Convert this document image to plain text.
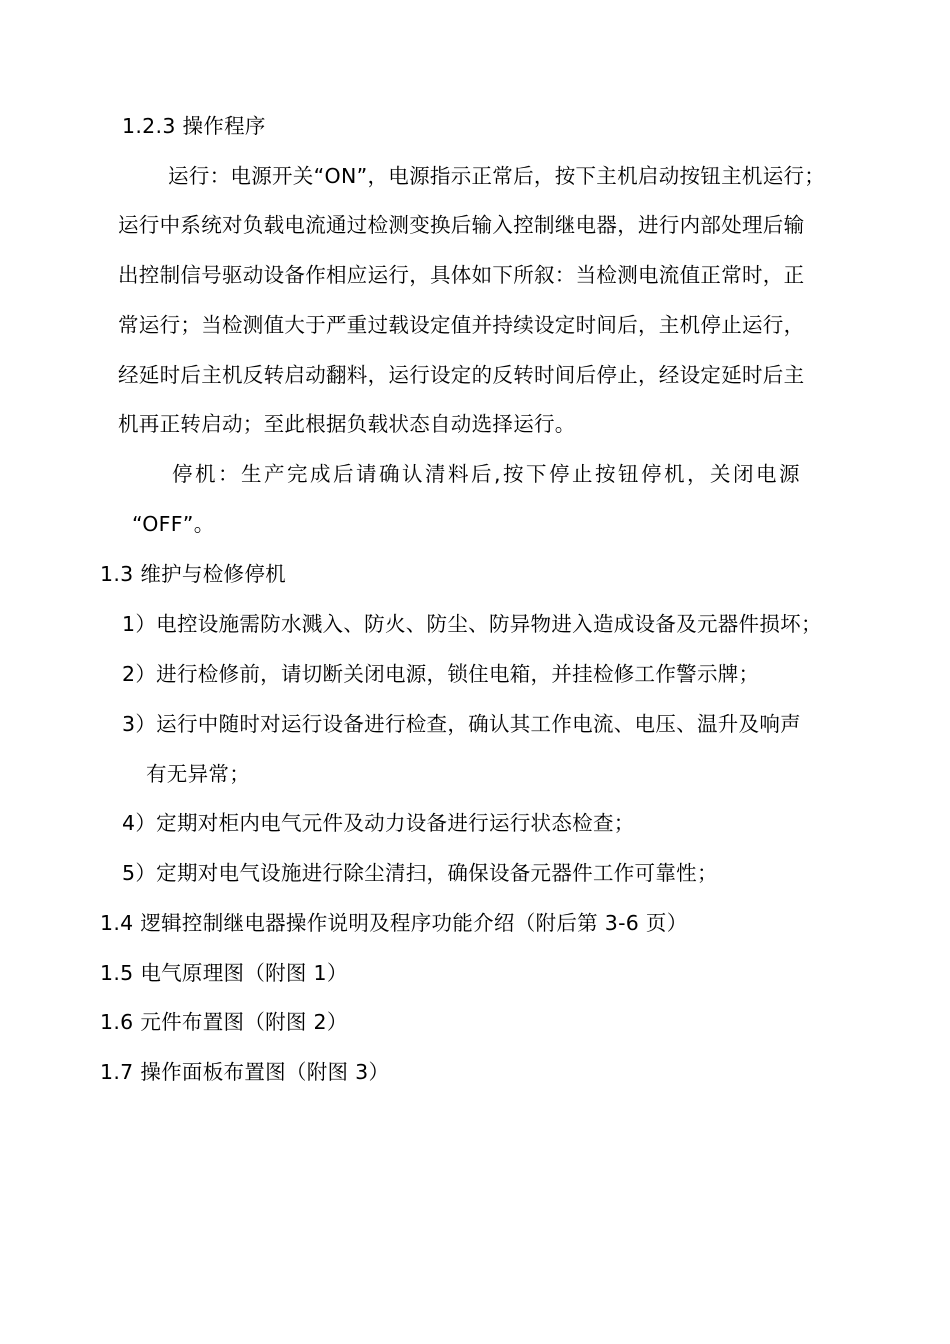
1.2.3 操作程序
运行：电源开关“ON”，电源指示正常后，按下主机启动按钮主机运行；
运行中系统对负载电流通过检测变换后输入控制继电器，进行内部处理后输
出控制信号驱动设备作相应运行，具体如下所叙：当检测电流值正常时，正
常运行；当检测值大于严重过载设定值并持续设定时间后，主机停止运行，
经延时后主机反转启动翻料，运行设定的反转时间后停止，经设定延时后主
机再正转启动；至此根据负载状态自动选择运行。
停机：生产完成后请确认清料后,按下停止按钮停机，关闭电源
“OFF”。
1.3 维护与检修停机
1）电控设施需防水溅入、防火、防尘、防异物进入造成设备及元器件损坏；
2）进行检修前，请切断关闭电源，锁住电箱，并挂检修工作警示牌；
3）运行中随时对运行设备进行检查，确认其工作电流、电压、温升及响声
有无异常；
4）定期对柜内电气元件及动力设备进行运行状态检查；
5）定期对电气设施进行除尘清扫，确保设备元器件工作可靠性；
1.4 逻辑控制继电器操作说明及程序功能介绍（附后第 3-6 页）
1.5 电气原理图（附图 1）
1.6 元件布置图（附图 2）
1.7 操作面板布置图（附图 3）
